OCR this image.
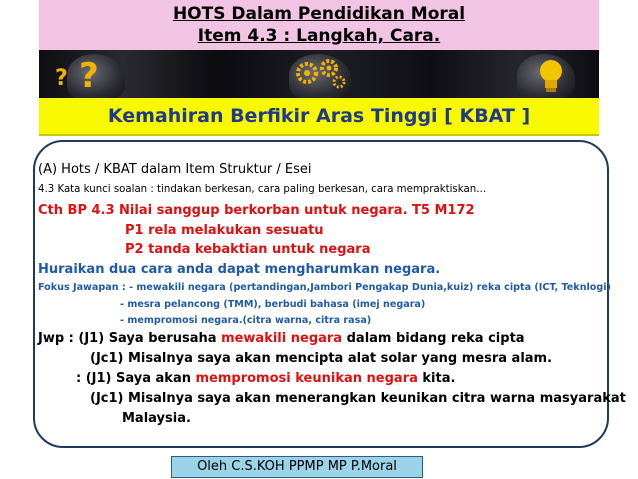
HOTS Dalam Pendidikan Moral
Item 4.3 : Langkah, Cara.
?
?
Kemahiran Berfikir Aras Tinggi [ KBAT ]
(A) Hots / KBAT dalam Item Struktur / Esei
4.3 Kata kunci soalan : tindakan berkesan, cara paling berkesan, cara mempraktiskan…
Cth BP 4.3 Nilai sanggup berkorban untuk negara. T5 M172
P1 rela melakukan sesuatu
P2 tanda kebaktian untuk negara
Huraikan dua cara anda dapat mengharumkan negara.
Fokus Jawapan : - mewakili negara (pertandingan,Jambori Pengakap Dunia,kuiz) reka cipta (ICT, Teknlogi)
- mesra pelancong (TMM), berbudi bahasa (imej negara)
- mempromosi negara.(citra warna, citra rasa)
Jwp : (J1) Saya berusaha mewakili negara dalam bidang reka cipta
(Jc1) Misalnya saya akan mencipta alat solar yang mesra alam.
: (J1) Saya akan mempromosi keunikan negara kita.
(Jc1) Misalnya saya akan menerangkan keunikan citra warna masyarakat
Malaysia.
Oleh C.S.KOH PPMP MP P.Moral
